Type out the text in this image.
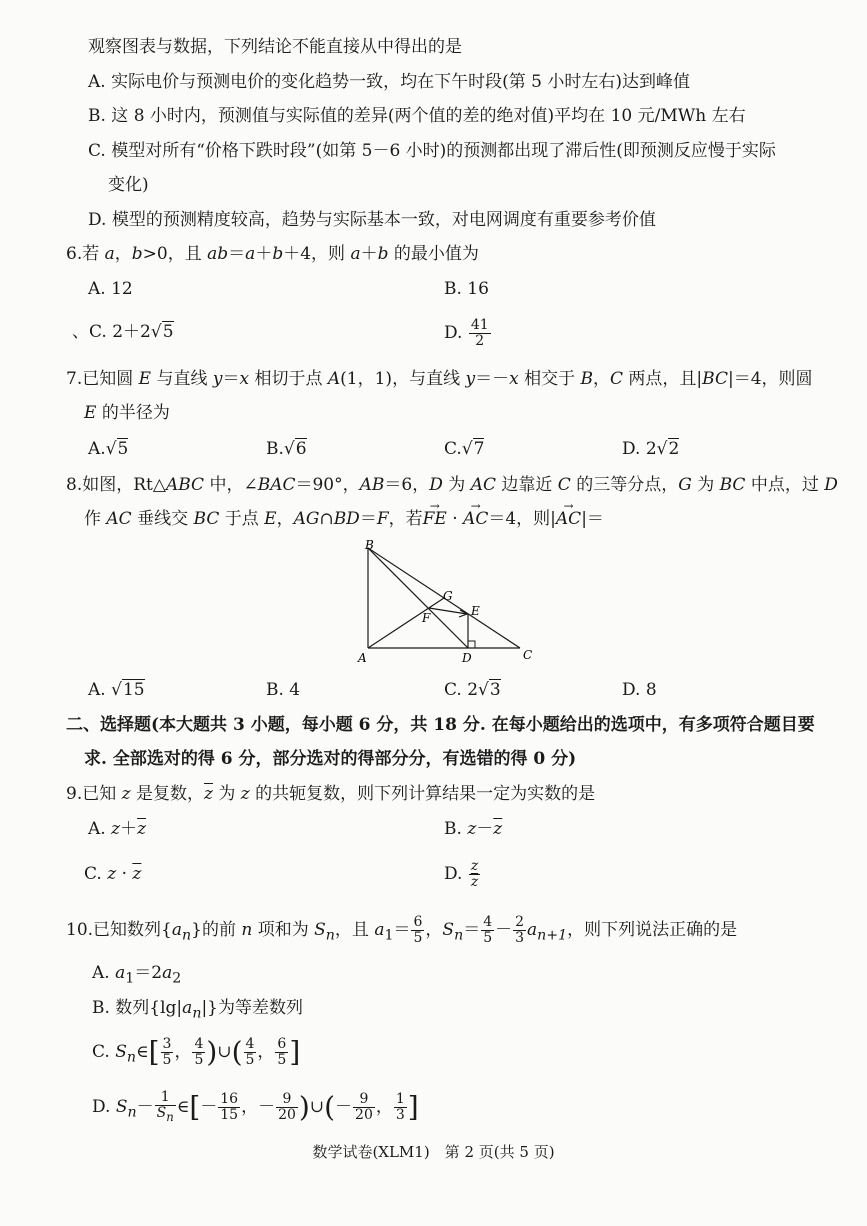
观察图表与数据，下列结论不能直接从中得出的是
A. 实际电价与预测电价的变化趋势一致，均在下午时段(第 5 小时左右)达到峰值
B. 这 8 小时内，预测值与实际值的差异(两个值的差的绝对值)平均在 10 元/MWh 左右
C. 模型对所有“价格下跌时段”(如第 5－6 小时)的预测都出现了滞后性(即预测反应慢于实际
变化)
D. 模型的预测精度较高，趋势与实际基本一致，对电网调度有重要参考价值
6.若 a，b>0，且 ab＝a＋b＋4，则 a＋b 的最小值为
A. 12	B. 16
、C. 2＋2√5	D. $\frac{41}{2}$
7.已知圆 E 与直线 y＝x 相切于点 A(1，1)，与直线 y＝－x 相交于 B，C 两点，且|BC|＝4，则圆
E 的半径为
A.√5	B.√6	C.√7	D. 2√2
8.如图，Rt△ABC 中，∠BAC＝90°，AB＝6，D 为 AC 边靠近 C 的三等分点，G 为 BC 中点，过 D
作 AC 垂线交 BC 于点 E，AG∩BD＝F，若→ FE · → AC＝4，则|→ AC|＝
B
G
E
F
A	D	C
A. √15	B. 4	C. 2√3	D. 8
二、选择题(本大题共 3 小题，每小题 6 分，共 18 分. 在每小题给出的选项中，有多项符合题目要
求. 全部选对的得 6 分，部分选对的得部分分，有选错的得 0 分)
9.已知 z 是复数，$\overline{z}$ 为 z 的共轭复数，则下列计算结果一定为实数的是
A. $z+\overline{z}$	B. $z-\overline{z}$
C. $z \cdot \overline{z}$	D. $\frac{z}{z}$
10.已知数列$\{a_n\}$的前 n 项和为 $S_n$，且 $a_1= \frac{6}{5}$ ，$S_n= \frac{4}{5} - \frac{2}{3} a_{n+1}$，则下列说法正确的是
A. $a_1=2a_2$
B. 数列$\{\lg|a_n|\}$为等差数列
C. $S_n\in[ \frac{3}{5}$ ， $\frac{4}{5}$ )∪( $\frac{4}{5}$ ， $\frac{6}{5}$ ]
D. $S_n- \frac{1}{S_n}$ ∈[－ $\frac{16}{15}$ ，－ $\frac{9}{20}$ )∪(－ $\frac{9}{20}$ ， $\frac{1}{3}$ ]
数学试卷(XLM1)　第 2 页(共 5 页)
